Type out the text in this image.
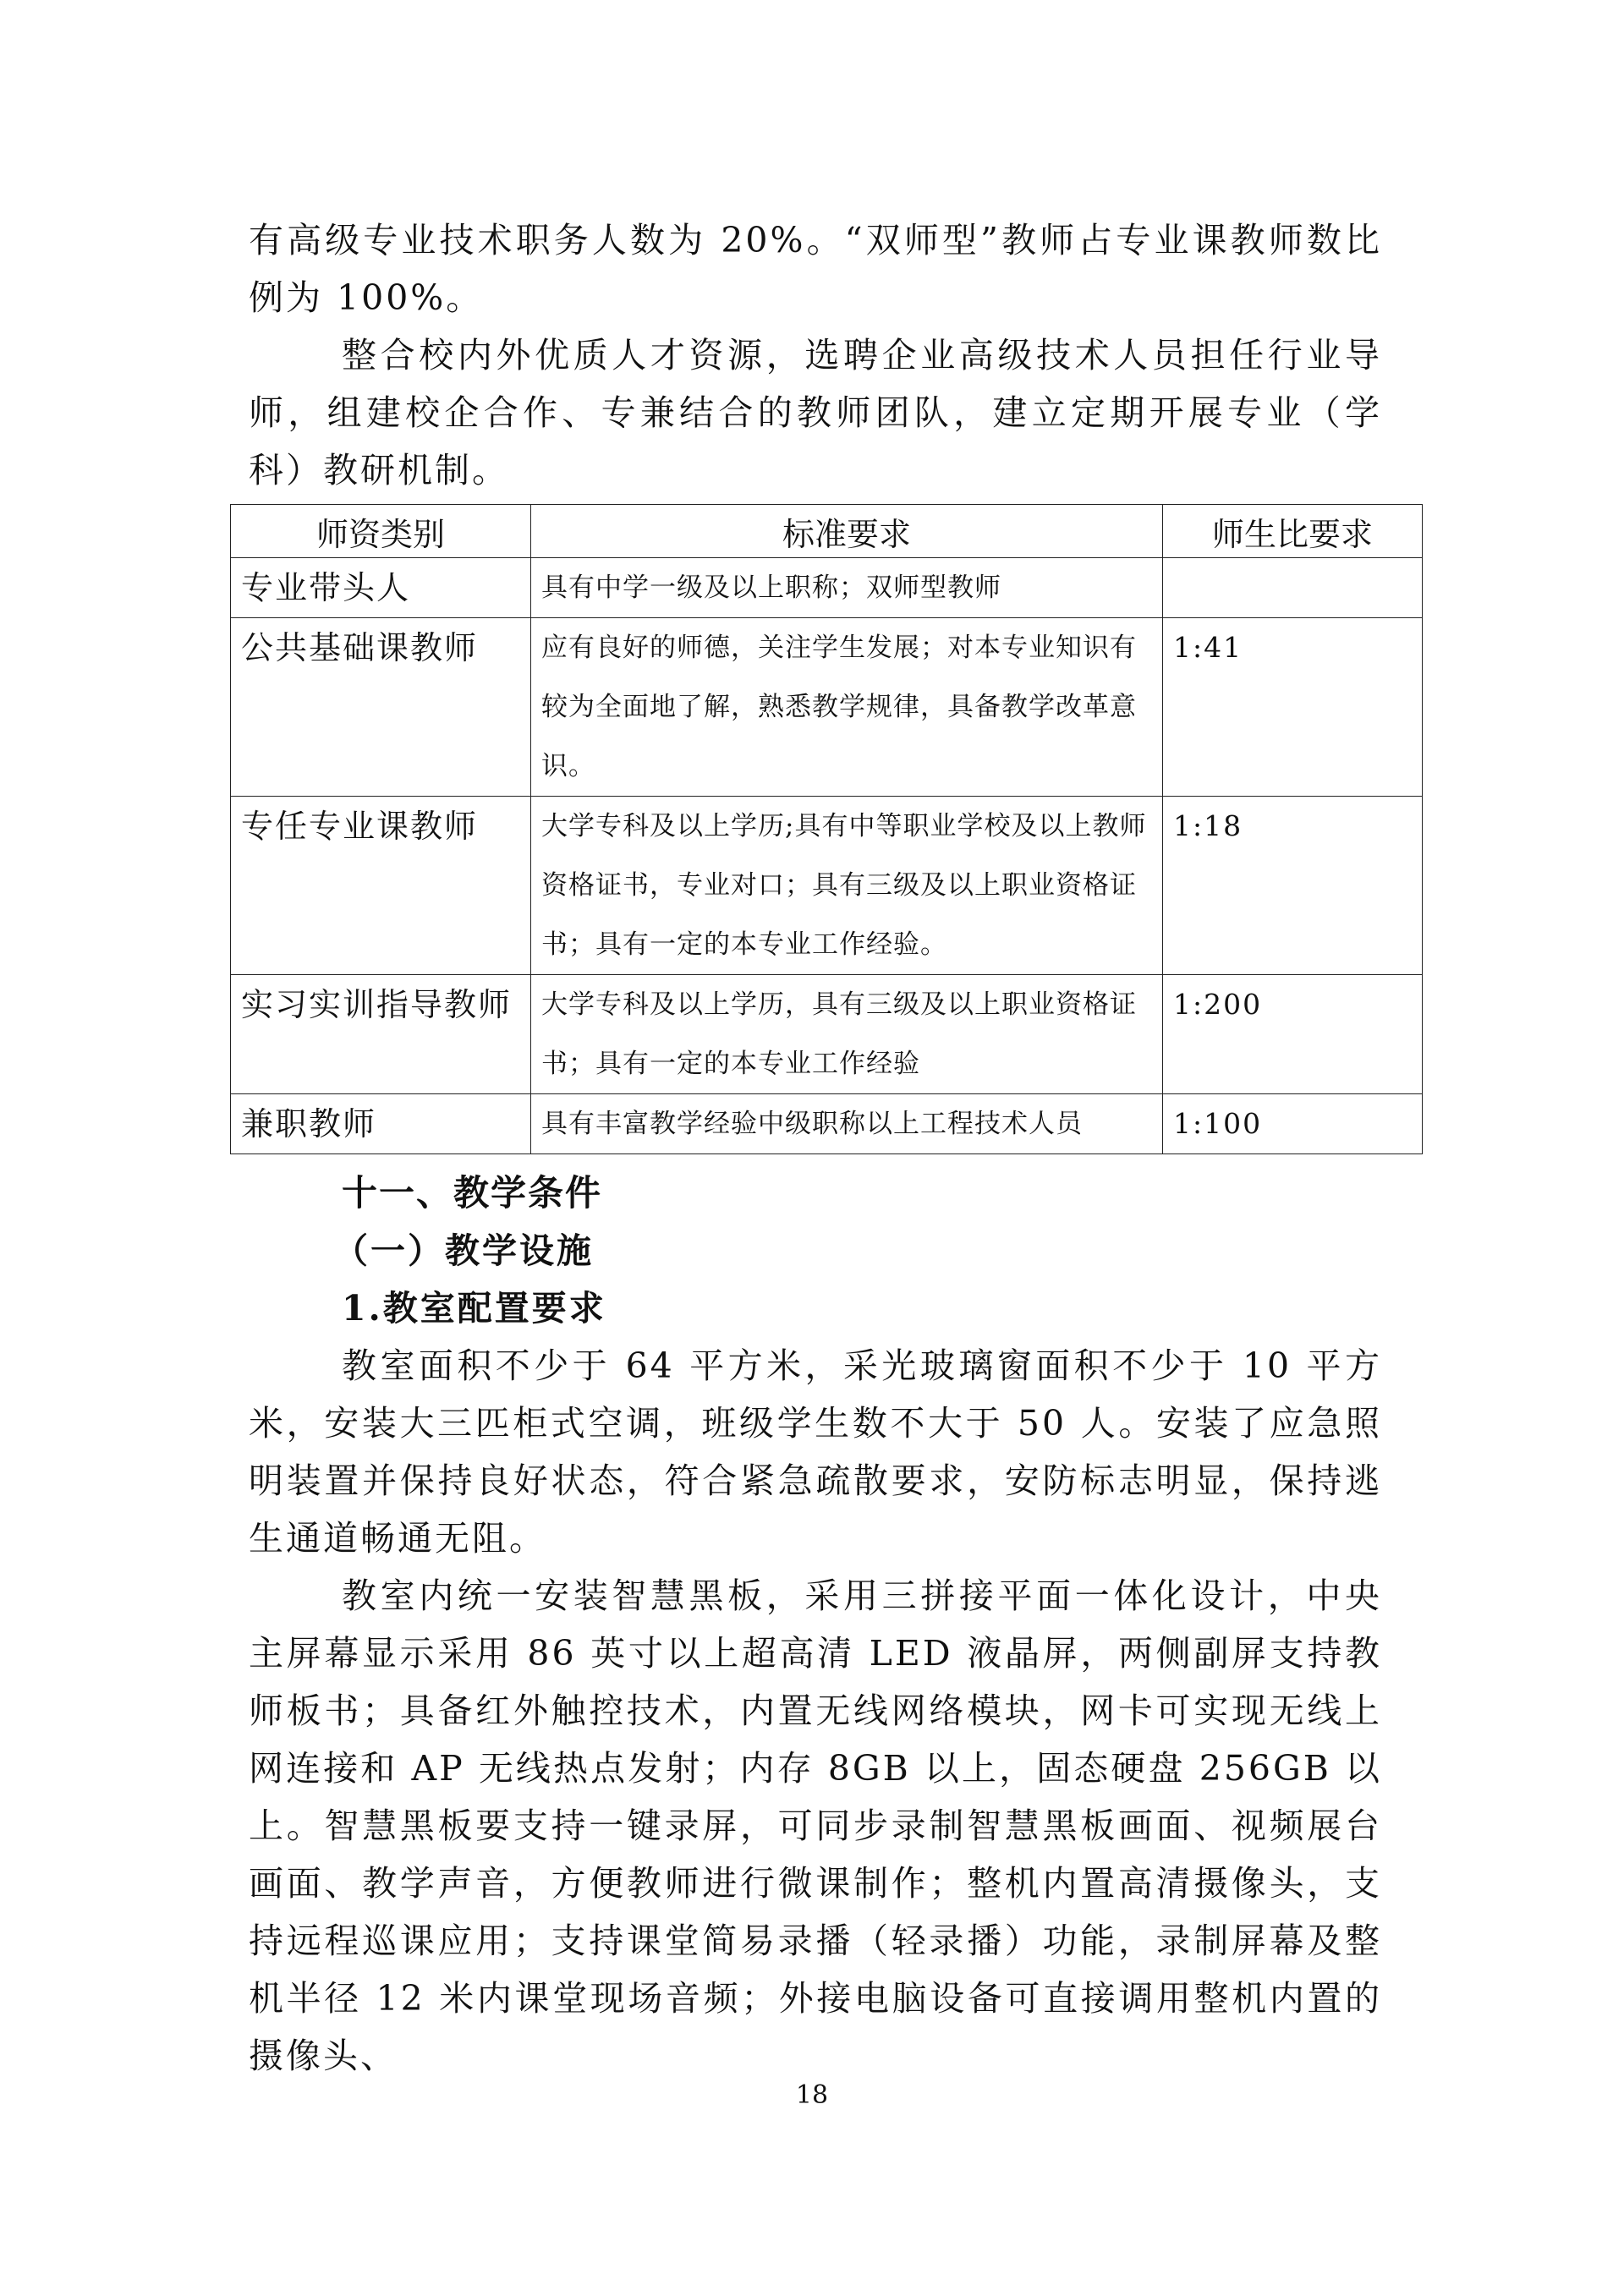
有高级专业技术职务人数为 20%。“双师型”教师占专业课教师数比例为 100%。

整合校内外优质人才资源，选聘企业高级技术人员担任行业导师，组建校企合作、专兼结合的教师团队，建立定期开展专业（学科）教研机制。

师资类别	标准要求	师生比要求
专业带头人	具有中学一级及以上职称；双师型教师	
公共基础课教师	应有良好的师德，关注学生发展；对本专业知识有较为全面地了解，熟悉教学规律，具备教学改革意识。	1:41
专任专业课教师	大学专科及以上学历;具有中等职业学校及以上教师资格证书，专业对口；具有三级及以上职业资格证书；具有一定的本专业工作经验。	1:18
实习实训指导教师	大学专科及以上学历，具有三级及以上职业资格证书；具有一定的本专业工作经验	1:200
兼职教师	具有丰富教学经验中级职称以上工程技术人员	1:100
十一、教学条件
（一）教学设施
1.教室配置要求

教室面积不少于 64 平方米，采光玻璃窗面积不少于 10 平方米，安装大三匹柜式空调，班级学生数不大于 50 人。安装了应急照明装置并保持良好状态，符合紧急疏散要求，安防标志明显，保持逃生通道畅通无阻。

教室内统一安装智慧黑板，采用三拼接平面一体化设计，中央主屏幕显示采用 86 英寸以上超高清 LED 液晶屏，两侧副屏支持教师板书；具备红外触控技术，内置无线网络模块，网卡可实现无线上网连接和 AP 无线热点发射；内存 8GB 以上，固态硬盘 256GB 以上。智慧黑板要支持一键录屏，可同步录制智慧黑板画面、视频展台画面、教学声音，方便教师进行微课制作；整机内置高清摄像头，支持远程巡课应用；支持课堂简易录播（轻录播）功能，录制屏幕及整机半径 12 米内课堂现场音频；外接电脑设备可直接调用整机内置的摄像头、

18
